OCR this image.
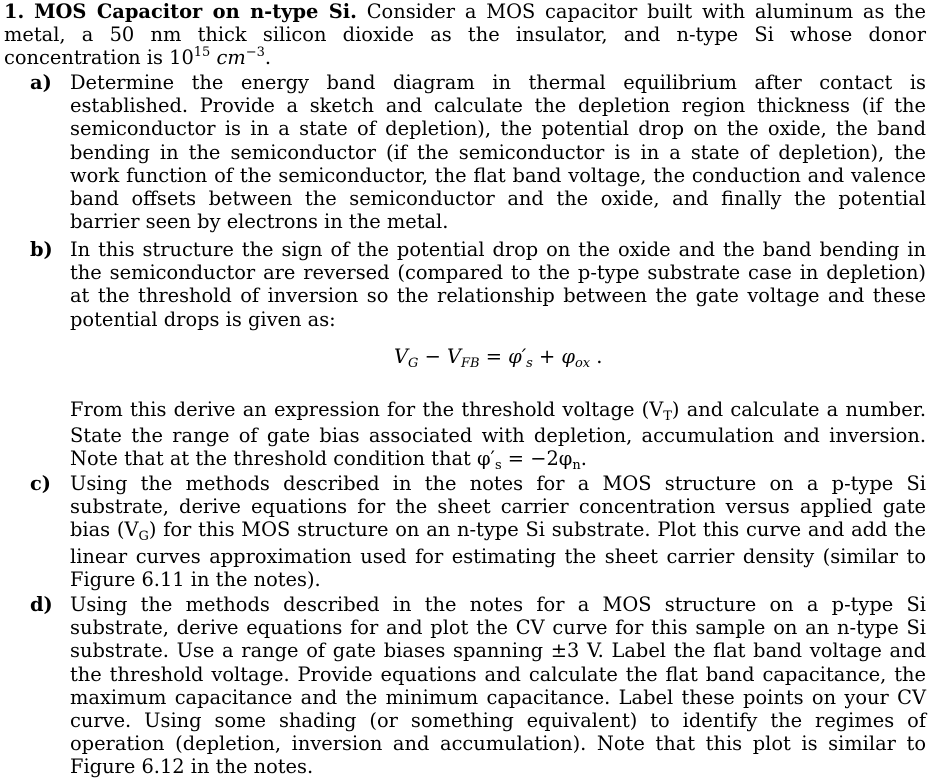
1. MOS Capacitor on n-type Si. Consider a MOS capacitor built with aluminum as the metal, a 50 nm thick silicon dioxide as the insulator, and n-type Si whose donor concentration is $10^{15}$ $cm^{-3}$.
a) Determine the energy band diagram in thermal equilibrium after contact is established. Provide a sketch and calculate the depletion region thickness (if the semiconductor is in a state of depletion), the potential drop on the oxide, the band bending in the semiconductor (if the semiconductor is in a state of depletion), the work function of the semiconductor, the flat band voltage, the conduction and valence band offsets between the semiconductor and the oxide, and finally the potential barrier seen by electrons in the metal.
b) In this structure the sign of the potential drop on the oxide and the band bending in the semiconductor are reversed (compared to the p-type substrate case in depletion) at the threshold of inversion so the relationship between the gate voltage and these potential drops is given as:
$V_G - V_{FB} = \varphi'_s + \varphi_{ox}$ .
From this derive an expression for the threshold voltage $(V_T)$ and calculate a number. State the range of gate bias associated with depletion, accumulation and inversion. Note that at the threshold condition that $\varphi'_s = -2\varphi_n$.
c) Using the methods described in the notes for a MOS structure on a p-type Si substrate, derive equations for the sheet carrier concentration versus applied gate bias $(V_G)$ for this MOS structure on an n-type Si substrate. Plot this curve and add the linear curves approximation used for estimating the sheet carrier density (similar to Figure 6.11 in the notes).
d) Using the methods described in the notes for a MOS structure on a p-type Si substrate, derive equations for and plot the CV curve for this sample on an n-type Si substrate. Use a range of gate biases spanning ±3 V. Label the flat band voltage and the threshold voltage. Provide equations and calculate the flat band capacitance, the maximum capacitance and the minimum capacitance. Label these points on your CV curve. Using some shading (or something equivalent) to identify the regimes of operation (depletion, inversion and accumulation). Note that this plot is similar to Figure 6.12 in the notes.
